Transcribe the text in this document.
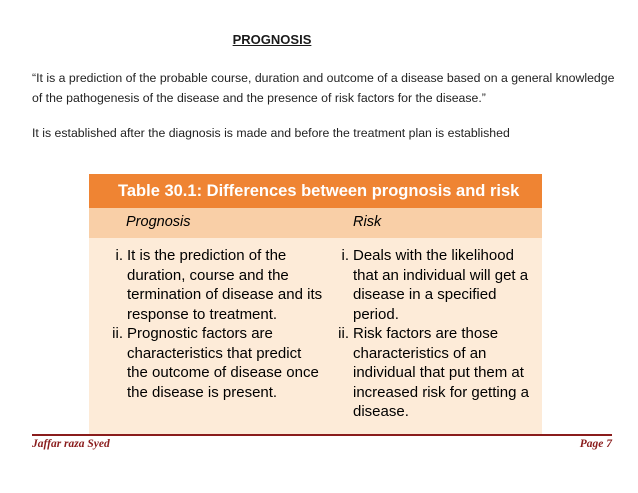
PROGNOSIS
“It is a prediction of the probable course, duration and outcome of a disease based on a general knowledge of the pathogenesis of the disease and the presence of risk factors for the disease.”
It is established after the diagnosis is made and before the treatment plan is established
Table 30.1: Differences between prognosis and risk
Prognosis	Risk
i. It is the prediction of the duration, course and the termination of disease and its response to treatment.
ii. Prognostic factors are characteristics that predict the outcome of disease once the disease is present.
i. Deals with the likelihood that an individual will get a disease in a specified period.
ii. Risk factors are those characteristics of an individual that put them at increased risk for getting a disease.
Jaffar raza Syed	Page 7
